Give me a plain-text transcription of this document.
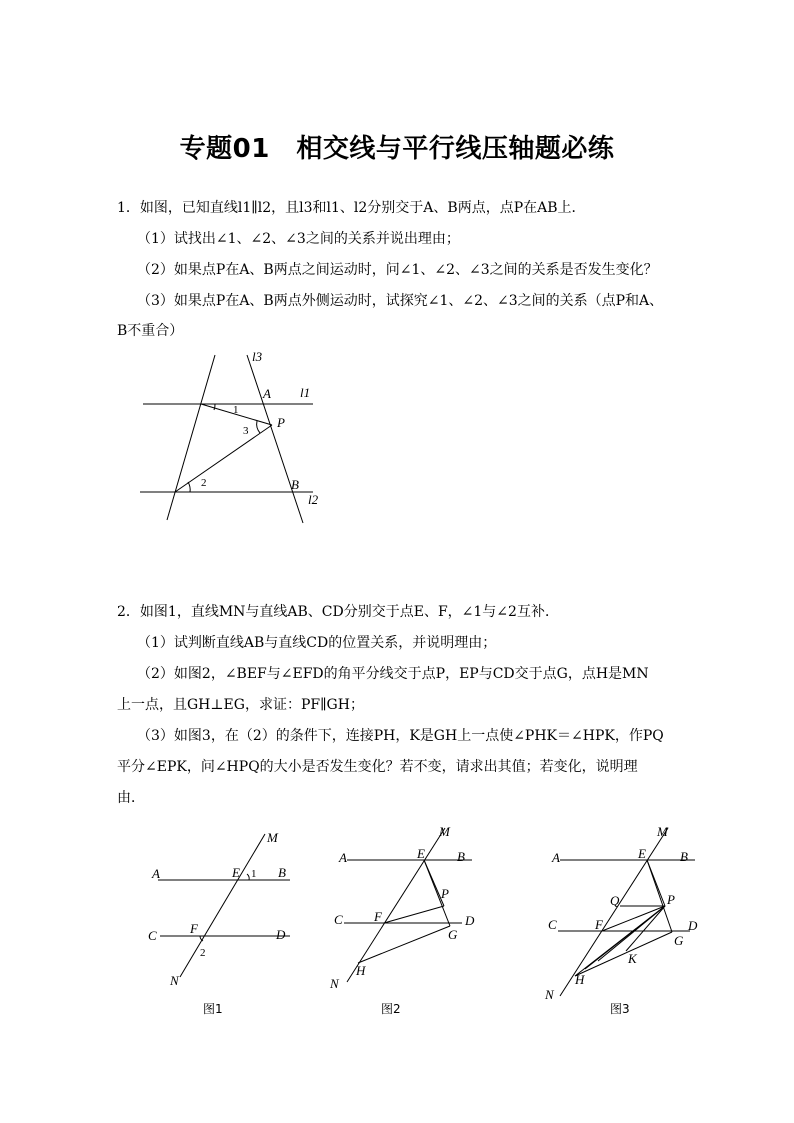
专题01　相交线与平行线压轴题必练
1．如图，已知直线l1∥l2，且l3和l1、l2分别交于A、B两点，点P在AB上．
（1）试找出∠1、∠2、∠3之间的关系并说出理由；
（2）如果点P在A、B两点之间运动时，问∠1、∠2、∠3之间的关系是否发生变化？
（3）如果点P在A、B两点外侧运动时，试探究∠1、∠2、∠3之间的关系（点P和A、
B不重合）
l3
l1
l2
A
B
P
1
2
3
2．如图1，直线MN与直线AB、CD分别交于点E、F，∠1与∠2互补．
（1）试判断直线AB与直线CD的位置关系，并说明理由；
（2）如图2，∠BEF与∠EFD的角平分线交于点P，EP与CD交于点G，点H是MN
上一点，且GH⊥EG，求证：PF∥GH；
（3）如图3，在（2）的条件下，连接PH，K是GH上一点使∠PHK＝∠HPK，作PQ
平分∠EPK，问∠HPQ的大小是否发生变化？若不变，请求出其值；若变化，说明理
由．
M
A	E 1 B
C	F	D
2
N
图1
M
A	E B
P
C F	D
G
H
N
图2
M
A	E	B
Q	P
C	F	D
G
K
H
N
图3
